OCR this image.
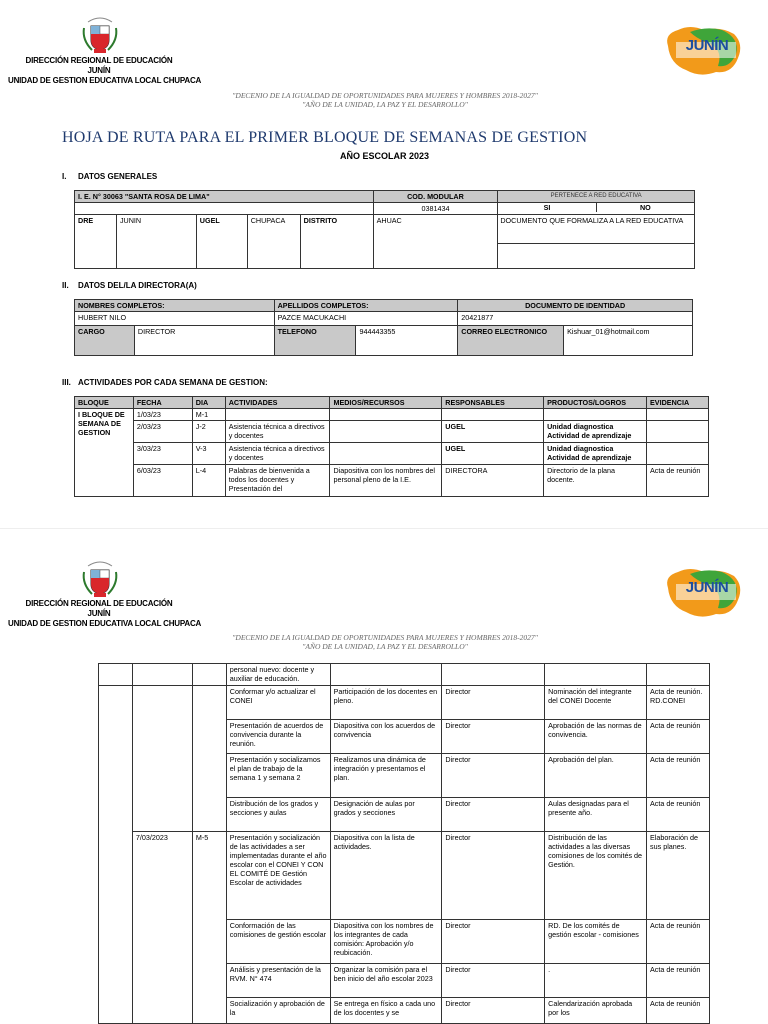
DIRECCIÓN REGIONAL DE EDUCACIÓN JUNÍN
UNIDAD DE GESTION EDUCATIVA LOCAL CHUPACA
JUNÍN
"DECENIO DE LA IGUALDAD DE OPORTUNIDADES PARA MUJERES Y HOMBRES 2018-2027"
"AÑO DE LA UNIDAD, LA PAZ Y EL DESARROLLO"
HOJA DE RUTA PARA EL PRIMER BLOQUE DE SEMANAS DE GESTION
AÑO ESCOLAR 2023
I. DATOS GENERALES
I. E. N° 30063 "SANTA ROSA DE LIMA"					COD. MODULAR	PERTENECE A RED EDUCATIVA
					0381434	SI NO

DRE	JUNIN	UGEL	CHUPACA	DISTRITO	AHUAC	DOCUMENTO QUE FORMALIZA A LA RED EDUCATIVA
II. DATOS DEL/LA DIRECTORA(A)
NOMBRES COMPLETOS:		APELLIDOS COMPLETOS:		DOCUMENTO DE IDENTIDAD	
HUBERT NILO		PAZCE MACUKACHI		20421877	
CARGO	DIRECTOR	TELEFONO	944443355	CORREO ELECTRONICO	Kishuar_01@hotmail.com
III. ACTIVIDADES POR CADA SEMANA DE GESTION:
BLOQUE	FECHA	DIA	ACTIVIDADES	MEDIOS/RECURSOS	RESPONSABLES	PRODUCTOS/LOGROS	EVIDENCIA
I BLOQUE DE SEMANA DE GESTION	1/03/23	M-1					
	2/03/23	J-2	Asistencia técnica a directivos y docentes		UGEL	Unidad diagnostica Actividad de aprendizaje	
	3/03/23	V-3	Asistencia técnica a directivos y docentes		UGEL	Unidad diagnostica Actividad de aprendizaje	
	6/03/23	L-4	Palabras de bienvenida a todos los docentes y Presentación del	Diapositiva con los nombres del personal pleno de la I.E.	DIRECTORA	Directorio de la plana docente.	Acta de reunión
DIRECCIÓN REGIONAL DE EDUCACIÓN JUNÍN
UNIDAD DE GESTION EDUCATIVA LOCAL CHUPACA
JUNÍN
"DECENIO DE LA IGUALDAD DE OPORTUNIDADES PARA MUJERES Y HOMBRES 2018-2027"
"AÑO DE LA UNIDAD, LA PAZ Y EL DESARROLLO"
			personal nuevo: docente y auxiliar de educación.				
			Conformar y/o actualizar el CONEI	Participación de los docentes en pleno.	Director	Nominación del integrante del CONEI Docente	Acta de reunión. RD.CONEI
			Presentación de acuerdos de convivencia durante la reunión.	Diapositiva con los acuerdos de convivencia	Director	Aprobación de las normas de convivencia.	Acta de reunión
			Presentación y socializamos el plan de trabajo de la semana 1 y semana 2	Realizamos una dinámica de integración y presentamos el plan.	Director	Aprobación del plan.	Acta de reunión
			Distribución de los grados y secciones y aulas	Designación de aulas por grados y secciones	Director	Aulas designadas para el presente año.	Acta de reunión
	7/03/2023	M-5	Presentación y socialización de las actividades a ser implementadas durante el año escolar con el CONEI Y CON EL COMITÉ DE Gestión Escolar de actividades	Diapositiva con la lista de actividades.	Director	Distribución de las actividades a las diversas comisiones de los comités de Gestión.	Elaboración de sus planes.
			Conformación de las comisiones de gestión escolar	Diapositiva con los nombres de los integrantes de cada comisión: Aprobación y/o reubicación.	Director	RD. De los comités de gestión escolar - comisiones	Acta de reunión
			Análisis y presentación de la RVM. N° 474	Organizar la comisión para el ben inicio del año escolar 2023	Director	.	Acta de reunión
			Socialización y aprobación de la	Se entrega en físico a cada uno de los docentes y se	Director	Calendarización aprobada por los	Acta de reunión
